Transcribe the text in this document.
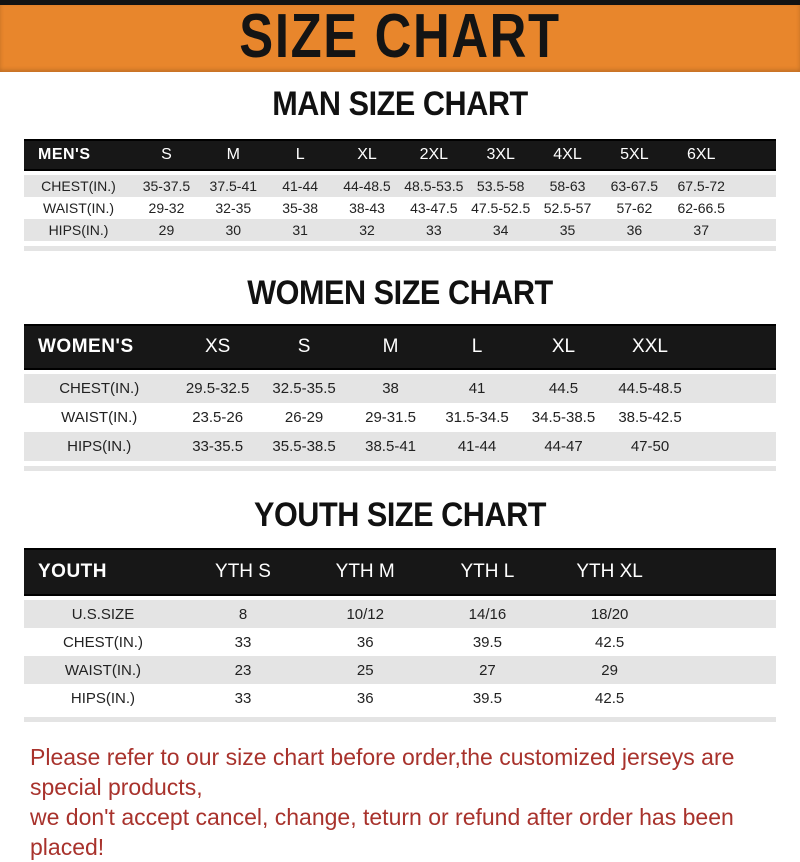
SIZE CHART
MAN SIZE CHART
MEN'S	S	M	L	XL	2XL	3XL	4XL	5XL	6XL	

CHEST(IN.)	35-37.5	37.5-41	41-44	44-48.5	48.5-53.5	53.5-58	58-63	63-67.5	67.5-72	
WAIST(IN.)	29-32	32-35	35-38	38-43	43-47.5	47.5-52.5	52.5-57	57-62	62-66.5	
HIPS(IN.)	29	30	31	32	33	34	35	36	37	
WOMEN SIZE CHART
WOMEN'S	XS	S	M	L	XL	XXL	

CHEST(IN.)	29.5-32.5	32.5-35.5	38	41	44.5	44.5-48.5	
WAIST(IN.)	23.5-26	26-29	29-31.5	31.5-34.5	34.5-38.5	38.5-42.5	
HIPS(IN.)	33-35.5	35.5-38.5	38.5-41	41-44	44-47	47-50	
YOUTH SIZE CHART
YOUTH	YTH S	YTH M	YTH L	YTH XL	

U.S.SIZE	8	10/12	14/16	18/20	
CHEST(IN.)	33	36	39.5	42.5	
WAIST(IN.)	23	25	27	29	
HIPS(IN.)	33	36	39.5	42.5	
Please refer to our size chart before order,the customized jerseys are special products,
we don't accept cancel, change, teturn or refund after order has been placed!
